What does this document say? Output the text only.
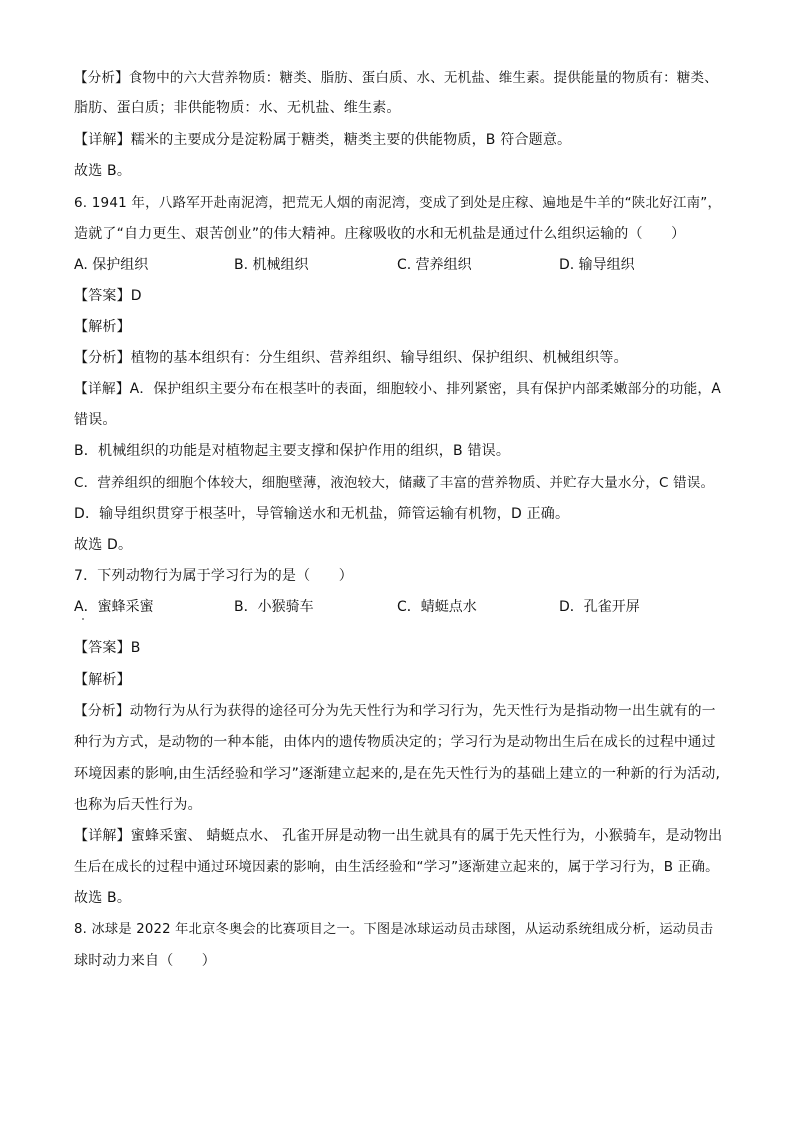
【分析】食物中的六大营养物质：糖类、脂肪、蛋白质、水、无机盐、维生素。提供能量的物质有：糖类、
脂肪、蛋白质；非供能物质：水、无机盐、维生素。
【详解】糯米的主要成分是淀粉属于糖类，糖类主要的供能物质，B 符合题意。
故选 B。
6. 1941 年，八路军开赴南泥湾，把荒无人烟的南泥湾，变成了到处是庄稼、遍地是牛羊的“陕北好江南”，
造就了“自力更生、艰苦创业”的伟大精神。庄稼吸收的水和无机盐是通过什么组织运输的（　　）
A. 保护组织	B. 机械组织	C. 营养组织	D. 输导组织
【答案】D
【解析】
【分析】植物的基本组织有：分生组织、营养组织、输导组织、保护组织、机械组织等。
【详解】A．保护组织主要分布在根茎叶的表面，细胞较小、排列紧密，具有保护内部柔嫩部分的功能，A
错误。
B．机械组织的功能是对植物起主要支撑和保护作用的组织，B 错误。
C．营养组织的细胞个体较大，细胞壁薄，液泡较大，储藏了丰富的营养物质、并贮存大量水分，C 错误。
D．输导组织贯穿于根茎叶，导管输送水和无机盐，筛管运输有机物，D 正确。
故选 D。
7．下列动物行为属于学习行为的是（　　）
A．蜜蜂采蜜	B．小猴骑车	C．蜻蜓点水	D．孔雀开屏
【答案】B
【解析】
【分析】动物行为从行为获得的途径可分为先天性行为和学习行为，先天性行为是指动物一出生就有的一
种行为方式，是动物的一种本能，由体内的遗传物质决定的；学习行为是动物出生后在成长的过程中通过
环境因素的影响,由生活经验和学习”逐渐建立起来的,是在先天性行为的基础上建立的一种新的行为活动,
也称为后天性行为。
【详解】蜜蜂采蜜、 蜻蜓点水、 孔雀开屏是动物一出生就具有的属于先天性行为，小猴骑车，是动物出
生后在成长的过程中通过环境因素的影响，由生活经验和“学习”逐渐建立起来的，属于学习行为，B 正确。
故选 B。
8. 冰球是 2022 年北京冬奥会的比赛项目之一。下图是冰球运动员击球图，从运动系统组成分析，运动员击
球时动力来自（　　）
